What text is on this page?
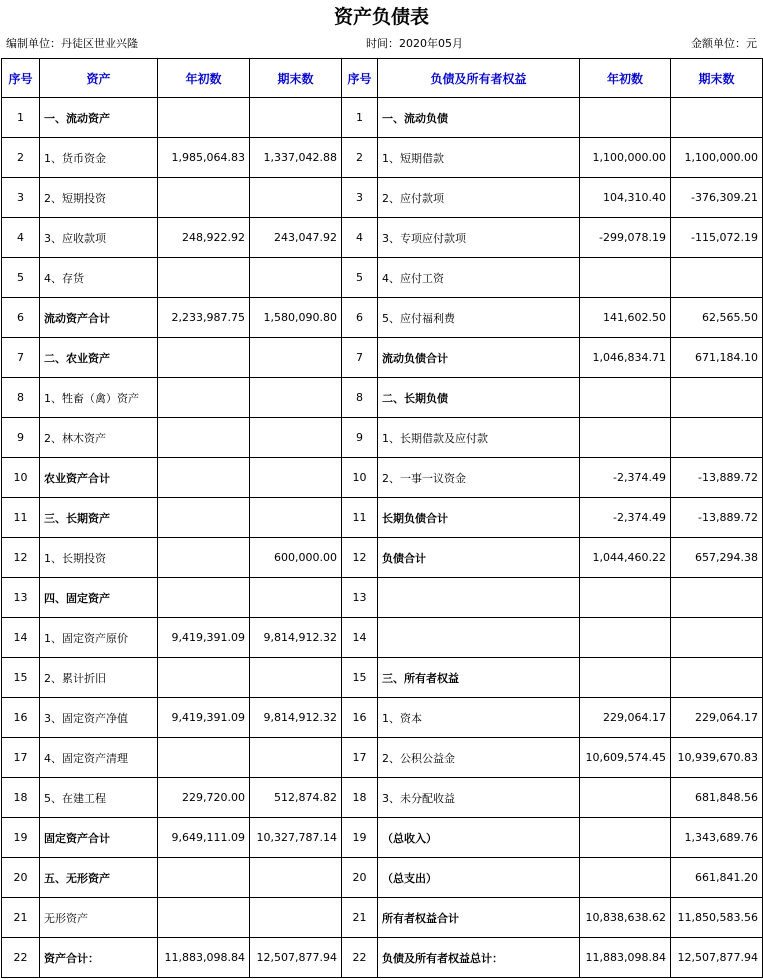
资产负债表
编制单位：丹徒区世业兴隆	时间：2020年05月	金额单位：元
序号	资产	年初数	期末数	序号	负债及所有者权益	年初数	期末数
1	一、流动资产			1	一、流动负债		
2	1、货币资金	1,985,064.83	1,337,042.88	2	1、短期借款	1,100,000.00	1,100,000.00
3	2、短期投资			3	2、应付款项	104,310.40	-376,309.21
4	3、应收款项	248,922.92	243,047.92	4	3、专项应付款项	-299,078.19	-115,072.19
5	4、存货			5	4、应付工资		
6	流动资产合计	2,233,987.75	1,580,090.80	6	5、应付福利费	141,602.50	62,565.50
7	二、农业资产			7	流动负债合计	1,046,834.71	671,184.10
8	1、牲畜（禽）资产			8	二、长期负债		
9	2、林木资产			9	1、长期借款及应付款		
10	农业资产合计			10	2、一事一议资金	-2,374.49	-13,889.72
11	三、长期资产			11	长期负债合计	-2,374.49	-13,889.72
12	1、长期投资		600,000.00	12	负债合计	1,044,460.22	657,294.38
13	四、固定资产			13			
14	1、固定资产原价	9,419,391.09	9,814,912.32	14			
15	2、累计折旧			15	三、所有者权益		
16	3、固定资产净值	9,419,391.09	9,814,912.32	16	1、资本	229,064.17	229,064.17
17	4、固定资产清理			17	2、公积公益金	10,609,574.45	10,939,670.83
18	5、在建工程	229,720.00	512,874.82	18	3、未分配收益		681,848.56
19	固定资产合计	9,649,111.09	10,327,787.14	19	（总收入）		1,343,689.76
20	五、无形资产			20	（总支出）		661,841.20
21	无形资产			21	所有者权益合计	10,838,638.62	11,850,583.56
22	资产合计：	11,883,098.84	12,507,877.94	22	负债及所有者权益总计：	11,883,098.84	12,507,877.94
